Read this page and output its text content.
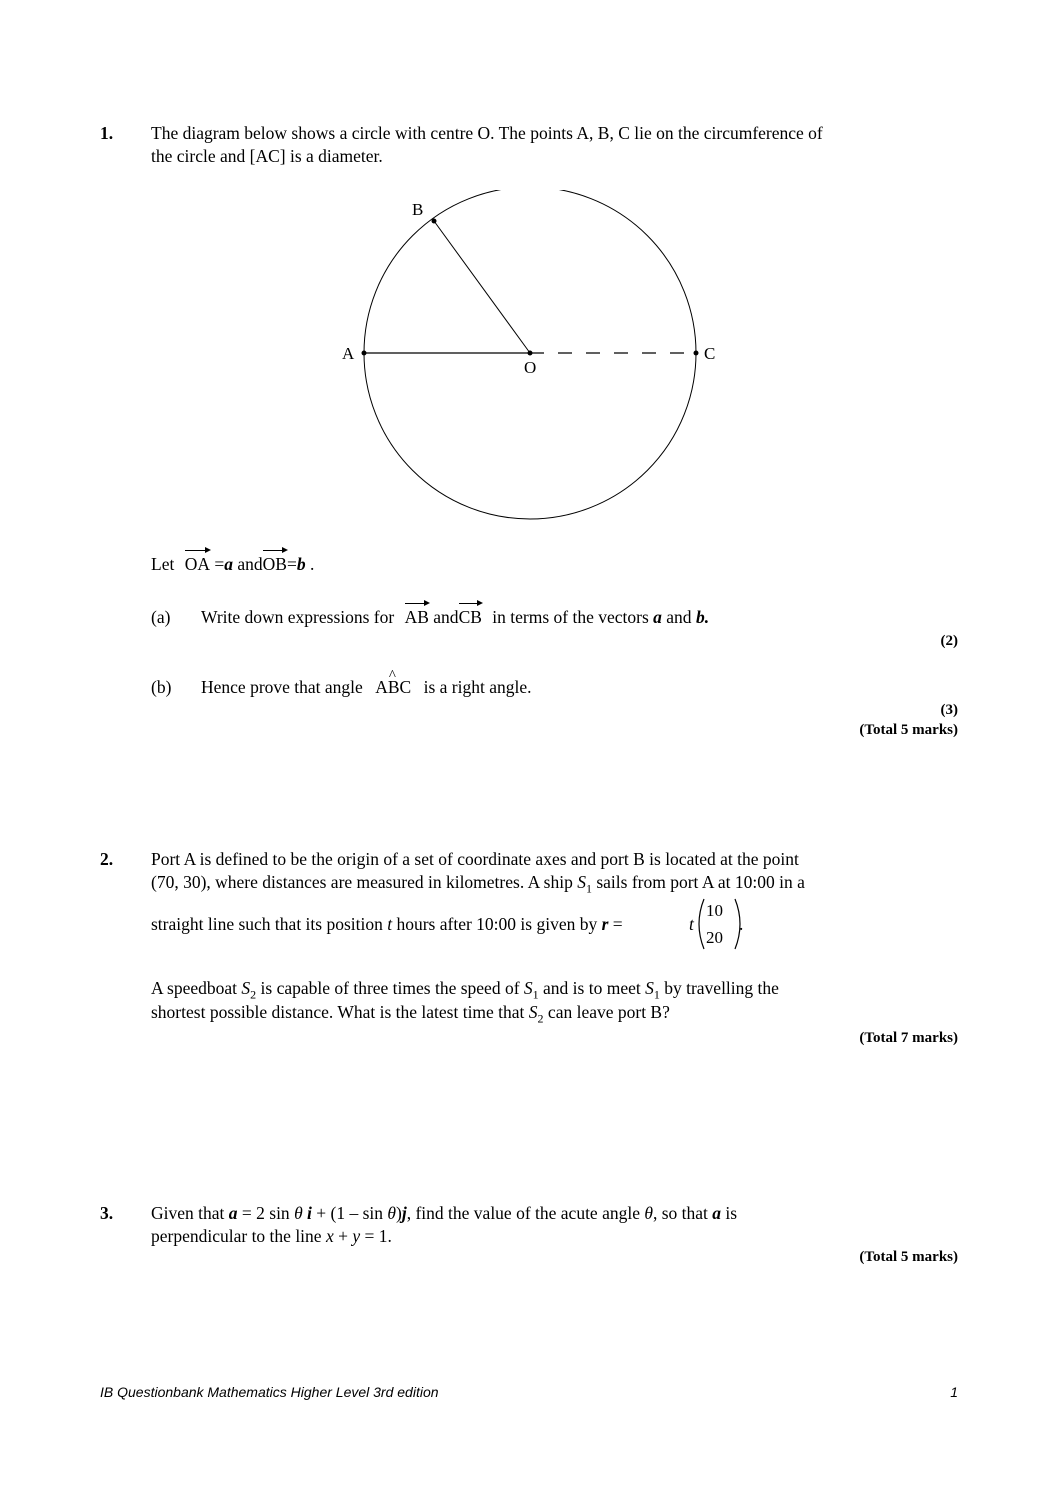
1. The diagram below shows a circle with centre O. The points A, B, C lie on the circumference of
the circle and [AC] is a diameter.
A
B
C
O
Let OA =a andOB=b .
(a) Write down expressions for AB andCB in terms of the vectors a and b.
(2)
(b) Hence prove that angle AB ^C is a right angle.
(3)
(Total 5 marks)
2. Port A is defined to be the origin of a set of coordinate axes and port B is located at the point
(70, 30), where distances are measured in kilometres. A ship $S_1$ sails from port A at 10:00 in a
straight line such that its position t hours after 10:00 is given by r =	t
10
20
.
A speedboat $S_2$ is capable of three times the speed of $S_1$ and is to meet $S_1$ by travelling the
shortest possible distance. What is the latest time that $S_2$ can leave port B?
(Total 7 marks)
3. Given that a = 2 sin θ i + (1 – sin θ)j, find the value of the acute angle θ, so that a is
perpendicular to the line x + y = 1.
(Total 5 marks)
IB Questionbank Mathematics Higher Level 3rd edition	1
